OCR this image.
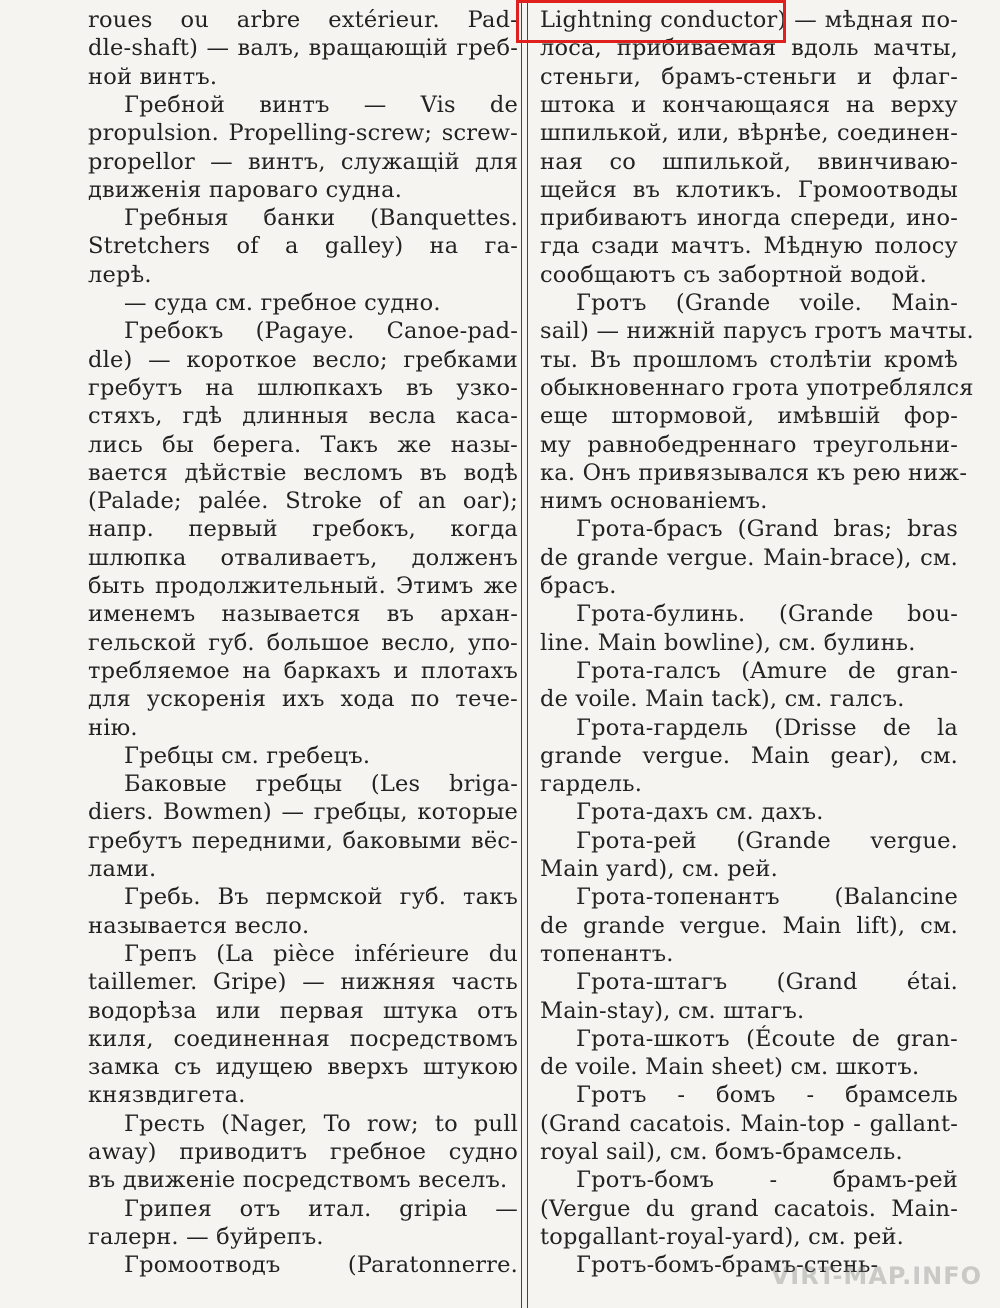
roues ou arbre extérieur. Pad-
dle-shaft) — валъ, вращающій греб-
ной винтъ.
Гребной винтъ — Vis de
propulsion. Propelling-screw; screw-
propellor — винтъ, служащій для
движенія пароваго судна.
Гребныя банки (Banquettes.
Stretchers of a galley) на га-
лерѣ.
— суда см. гребное судно.
Гребокъ (Pagaye. Canoe-pad-
dle) — короткое весло; гребками
гребутъ на шлюпкахъ въ узко-
стяхъ, гдѣ длинныя весла каса-
лись бы берега. Такъ же назы-
вается дѣйствіе весломъ въ водѣ
(Palade; palée. Stroke of an oar);
напр. первый гребокъ, когда
шлюпка отваливаетъ, долженъ
быть продолжительный. Этимъ же
именемъ называется въ архан-
гельской губ. большое весло, упо-
требляемое на баркахъ и плотахъ
для ускоренія ихъ хода по тече-
нію.
Гребцы см. гребецъ.
Баковые гребцы (Les briga-
diers. Bowmen) — гребцы, которые
гребутъ передними, баковыми вёс-
лами.
Гребь. Въ пермской губ. такъ
называется весло.
Грепъ (La pièce inférieure du
taillemer. Gripe) — нижняя часть
водорѣза или первая штука отъ
киля, соединенная посредствомъ
замка съ идущею вверхъ штукою
князвдигета.
Гресть (Nager, To row; to pull
away) приводитъ гребное судно
въ движеніе посредствомъ веселъ.
Грипея отъ итал. gripia —
галерн. — буйрепъ.
Громоотводъ (Paratonnerre.
Lightning conductor) — мѣдная по-
лоса, прибиваемая вдоль мачты,
стеньги, брамъ-стеньги и флаг-
штока и кончающаяся на верху
шпилькой, или, вѣрнѣе, соединен-
ная со шпилькой, ввинчиваю-
щейся въ клотикъ. Громоотводы
прибиваютъ иногда спереди, ино-
гда сзади мачтъ. Мѣдную полосу
сообщаютъ съ забортной водой.
Гротъ (Grande voile. Main-
sail) — нижній парусъ гротъ мачты.
ты. Въ прошломъ столѣтіи кромѣ
обыкновеннаго грота употреблялся
еще штормовой, имѣвшій фор-
му равнобедреннаго треугольни-
ка. Онъ привязывался къ рею ниж-
нимъ основаніемъ.
Грота-брасъ (Grand bras; bras
de grande vergue. Main-brace), см.
брасъ.
Грота-булинь. (Grande bou-
line. Main bowline), см. булинь.
Грота-галсъ (Amure de gran-
de voile. Main tack), см. галсъ.
Грота-гардель (Drisse de la
grande vergue. Main gear), см.
гардель.
Грота-дахъ см. дахъ.
Грота-рей (Grande vergue.
Main yard), см. рей.
Грота-топенантъ (Balancine
de grande vergue. Main lift), см.
топенантъ.
Грота-штагъ (Grand étai.
Main-stay), см. штагъ.
Грота-шкотъ (Écoute de gran-
de voile. Main sheet) см. шкотъ.
Гротъ - бомъ - брамсель
(Grand cacatois. Main-top - gallant-
royal sail), см. бомъ-брамсель.
Гротъ-бомъ - брамъ-рей
(Vergue du grand cacatois. Main-
topgallant-royal-yard), см. рей.
Гротъ-бомъ-брамъ-стень-
VIRT-MAP.INFO
